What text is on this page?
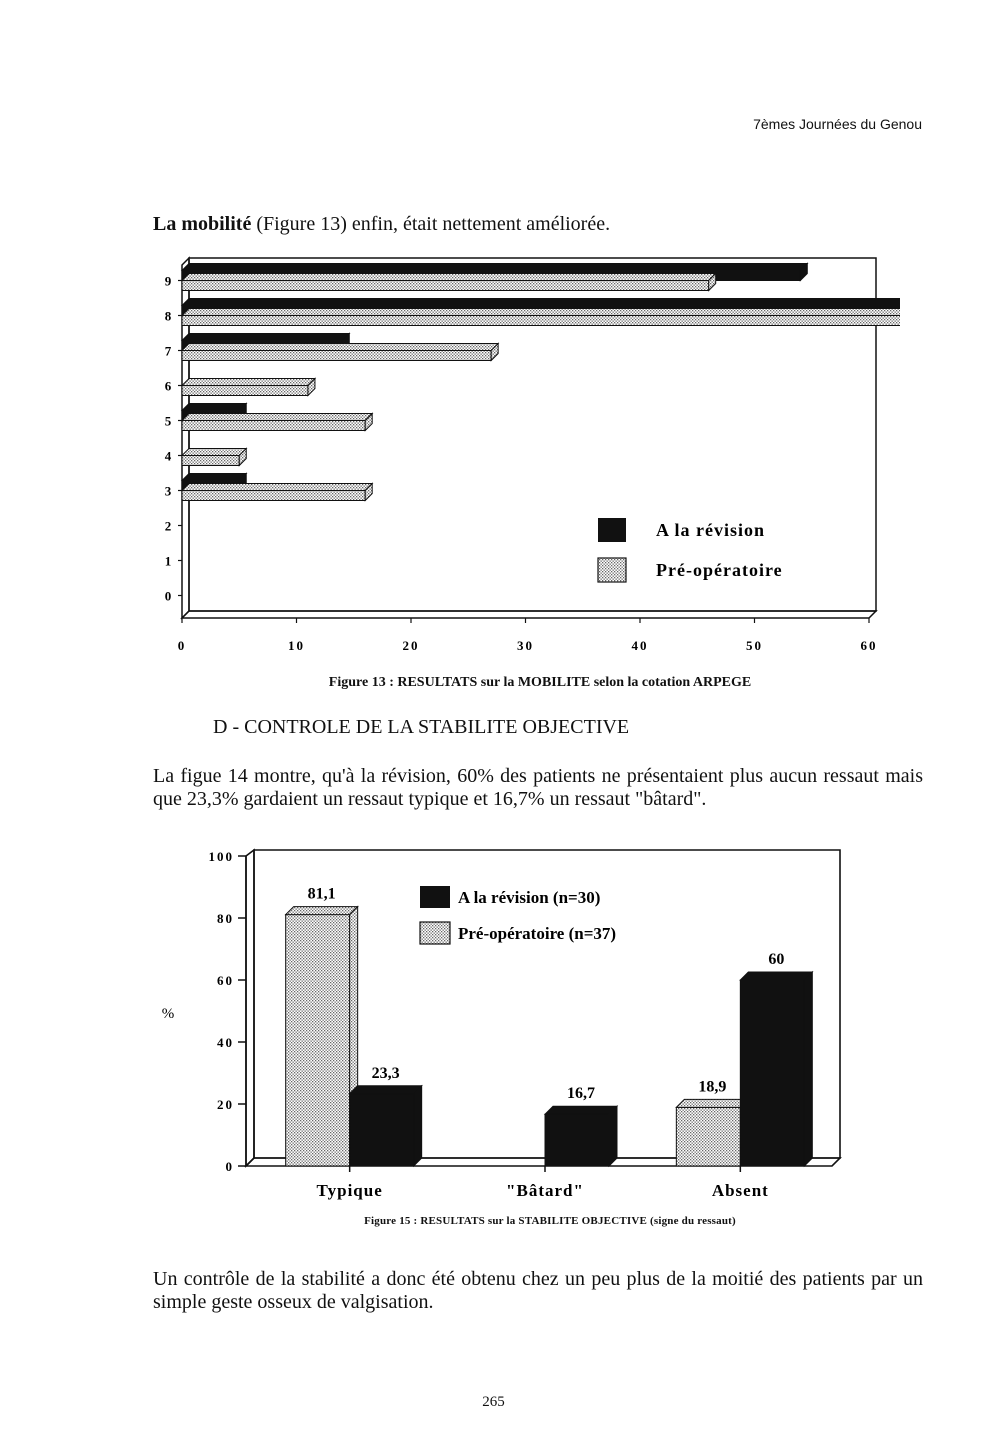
7èmes Journées du Genou
La mobilité (Figure 13) enfin, était nettement améliorée.
0
1
2
3
4
5
6
7
8
9
0	10	20	30	40	50	60
A la révision
Pré-opératoire
Figure 13 : RESULTATS sur la MOBILITE selon la cotation ARPEGE
D - CONTROLE DE LA STABILITE OBJECTIVE
La figue 14 montre, qu'à la révision, 60% des patients ne présentaient plus aucun ressaut mais que 23,3% gardaient un ressaut typique et 16,7% un ressaut "bâtard".
81,1
23,3
16,7	18,9
60
0
20
40
60
80
100
%
Typique	"Bâtard"	Absent
A la révision (n=30)
Pré-opératoire (n=37)
Figure 15 : RESULTATS sur la STABILITE OBJECTIVE (signe du ressaut)
Un contrôle de la stabilité a donc été obtenu chez un peu plus de la moitié des patients par un simple geste osseux de valgisation.
265
